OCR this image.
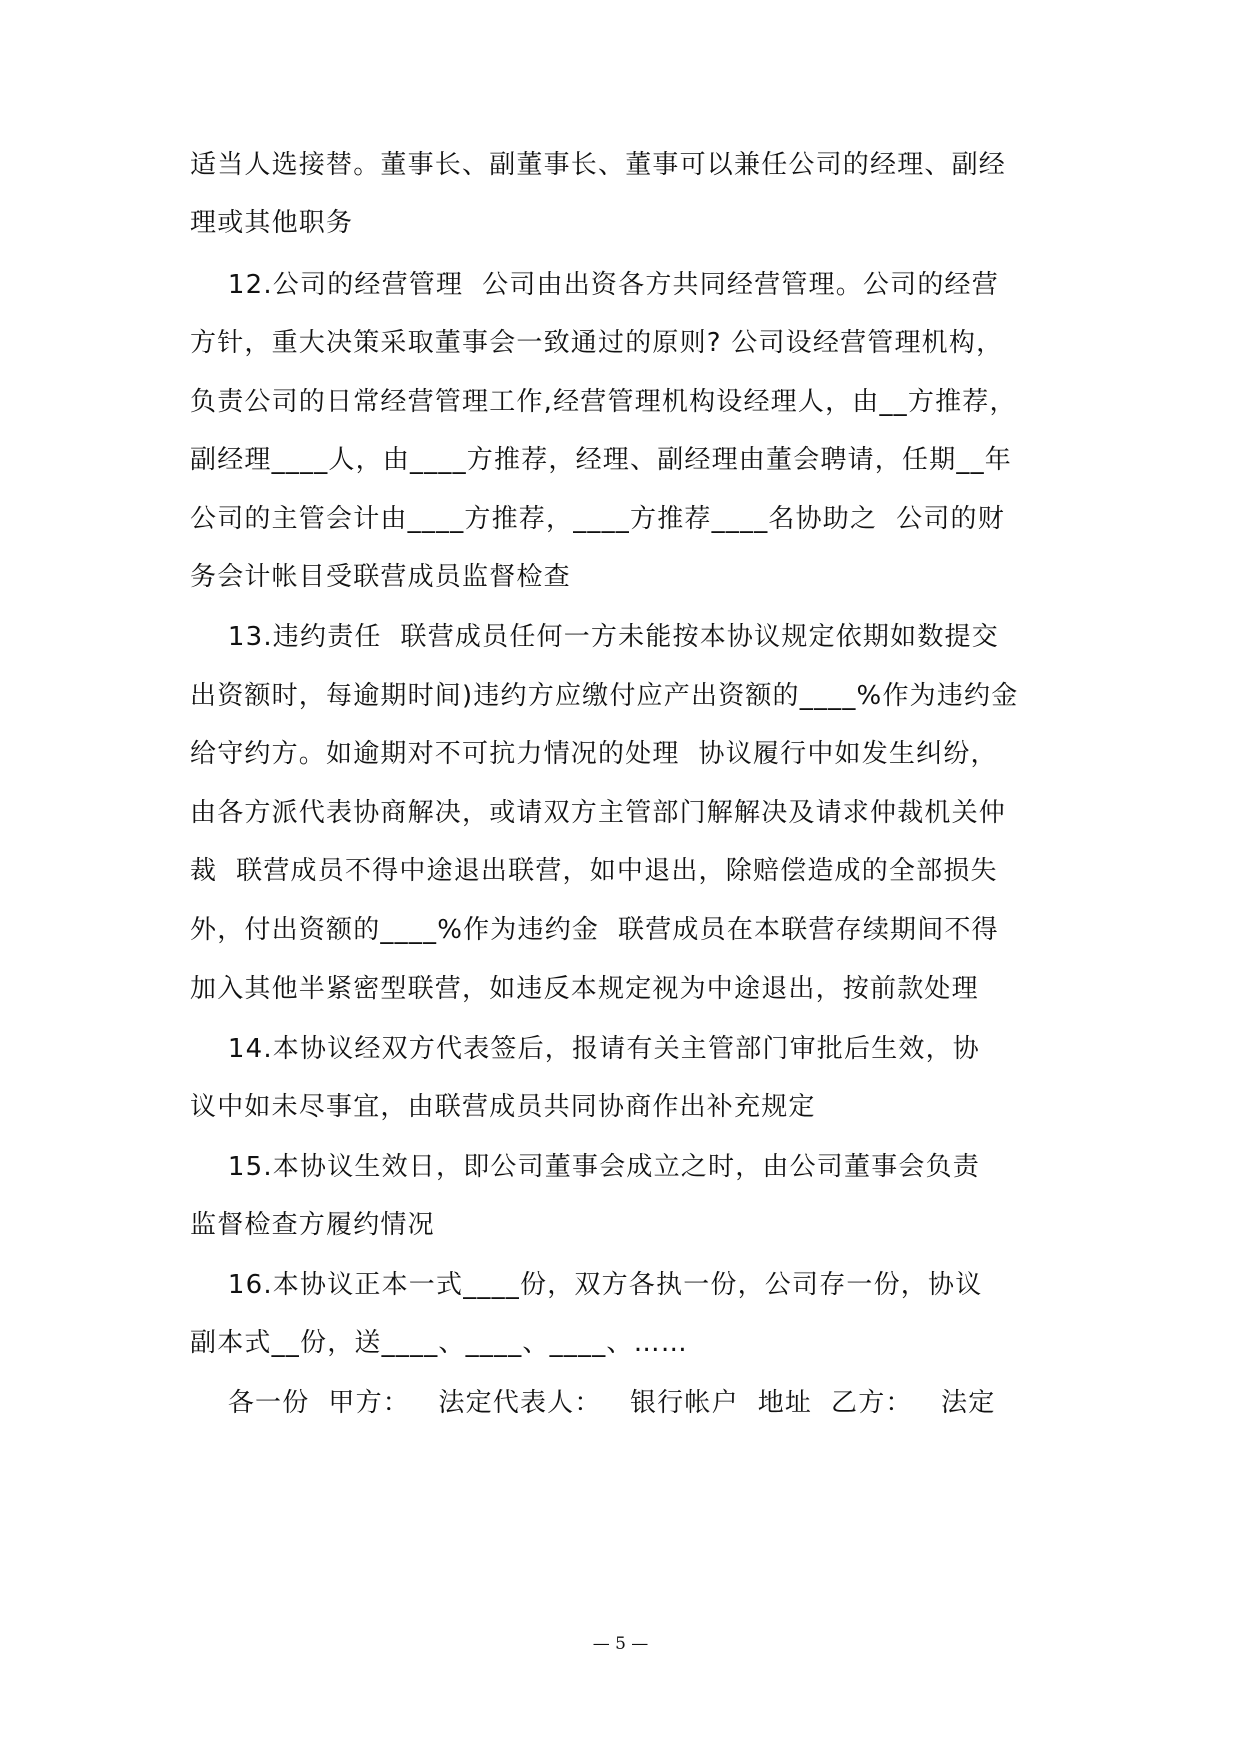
适当人选接替。董事长、副董事长、董事可以兼任公司的经理、副经
理或其他职务
12.公司的经营管理  公司由出资各方共同经营管理。公司的经营
方针，重大决策采取董事会一致通过的原则? 公司设经营管理机构，
负责公司的日常经营管理工作,经营管理机构设经理人，由__方推荐，
副经理____人，由____方推荐，经理、副经理由董会聘请，任期__年
公司的主管会计由____方推荐，____方推荐____名协助之  公司的财
务会计帐目受联营成员监督检查
13.违约责任  联营成员任何一方未能按本协议规定依期如数提交
出资额时，每逾期时间)违约方应缴付应产出资额的____%作为违约金
给守约方。如逾期对不可抗力情况的处理  协议履行中如发生纠纷，
由各方派代表协商解决，或请双方主管部门解解决及请求仲裁机关仲
裁  联营成员不得中途退出联营，如中退出，除赔偿造成的全部损失
外，付出资额的____%作为违约金  联营成员在本联营存续期间不得
加入其他半紧密型联营，如违反本规定视为中途退出，按前款处理
14.本协议经双方代表签后，报请有关主管部门审批后生效，协
议中如未尽事宜，由联营成员共同协商作出补充规定
15.本协议生效日，即公司董事会成立之时，由公司董事会负责
监督检查方履约情况
16.本协议正本一式____份，双方各执一份，公司存一份，协议
副本式__份，送____、____、____、……
各一份  甲方：   法定代表人：   银行帐户  地址  乙方：   法定
— 5 —
